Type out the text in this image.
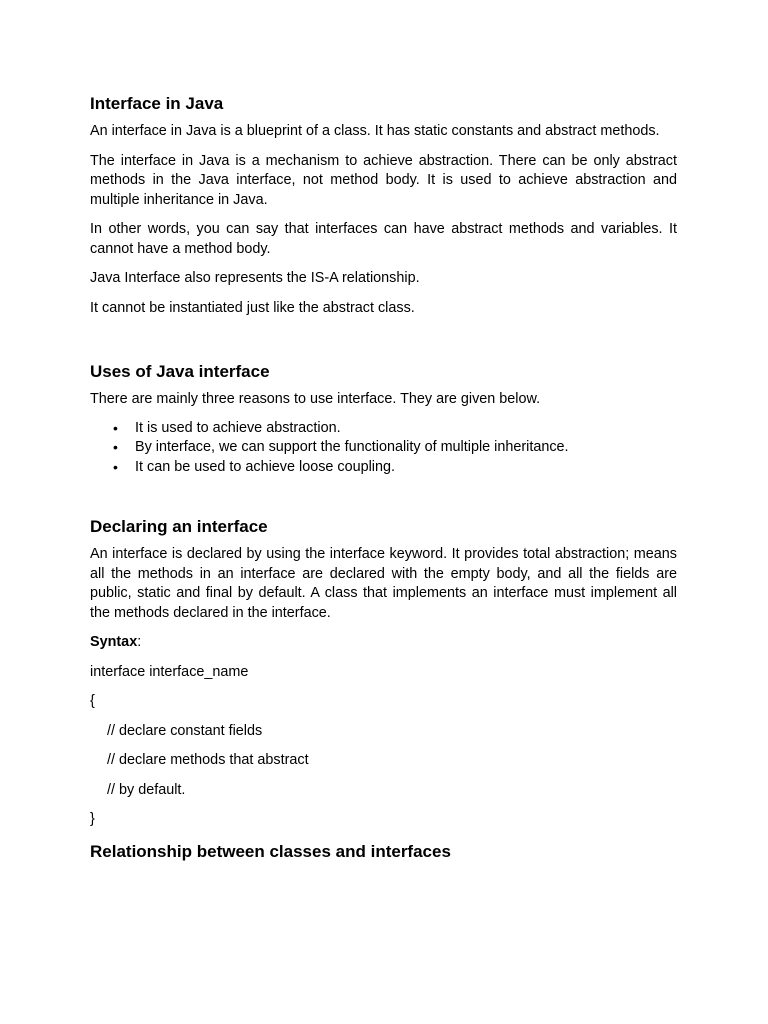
Interface in Java

An interface in Java is a blueprint of a class. It has static constants and abstract methods.

The interface in Java is a mechanism to achieve abstraction. There can be only abstract methods in the Java interface, not method body. It is used to achieve abstraction and multiple inheritance in Java.

In other words, you can say that interfaces can have abstract methods and variables. It cannot have a method body.

Java Interface also represents the IS-A relationship.

It cannot be instantiated just like the abstract class.

Uses of Java interface

There are mainly three reasons to use interface. They are given below.

• It is used to achieve abstraction.
• By interface, we can support the functionality of multiple inheritance.
• It can be used to achieve loose coupling.
Declaring an interface

An interface is declared by using the interface keyword. It provides total abstraction; means all the methods in an interface are declared with the empty body, and all the fields are public, static and final by default. A class that implements an interface must implement all the methods declared in the interface.

Syntax:

interface interface_name

{

// declare constant fields

// declare methods that abstract

// by default.

}

Relationship between classes and interfaces
